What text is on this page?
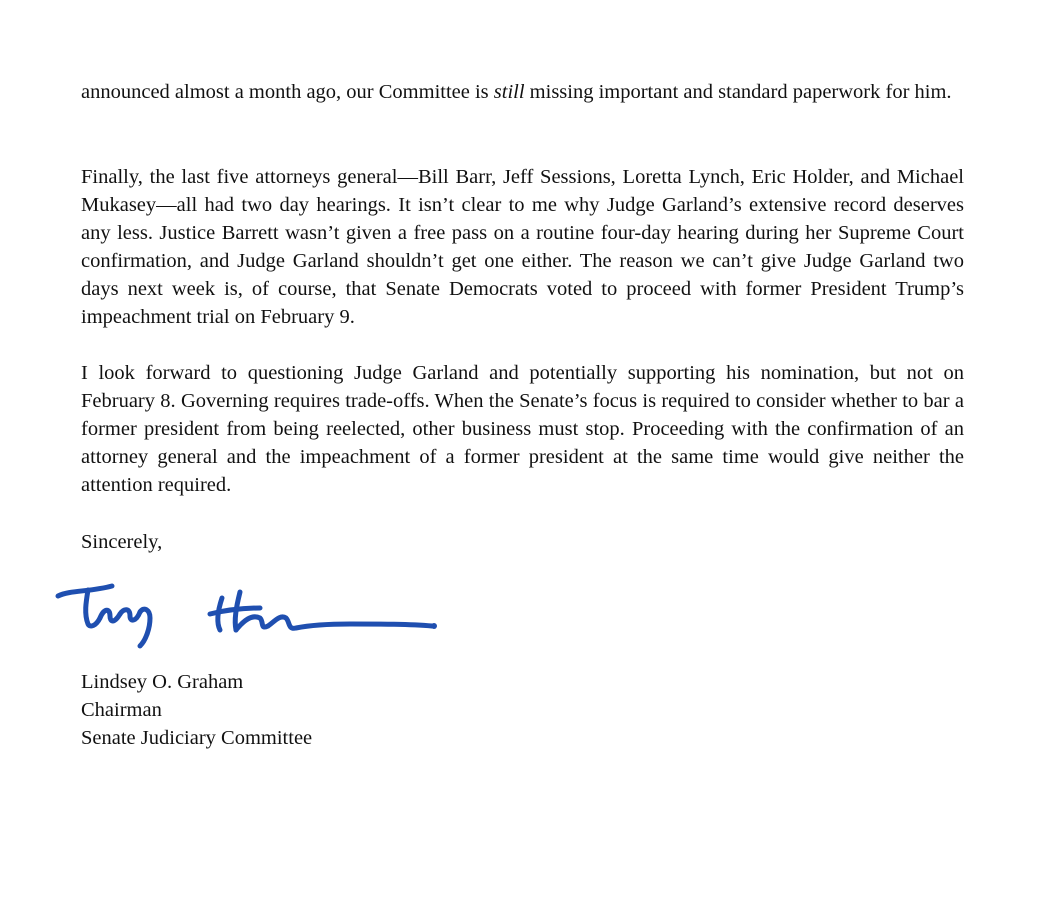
announced almost a month ago, our Committee is still missing important and standard paperwork for him.

Finally, the last five attorneys general—Bill Barr, Jeff Sessions, Loretta Lynch, Eric Holder, and Michael Mukasey—all had two day hearings. It isn’t clear to me why Judge Garland’s extensive record deserves any less. Justice Barrett wasn’t given a free pass on a routine four-day hearing during her Supreme Court confirmation, and Judge Garland shouldn’t get one either. The reason we can’t give Judge Garland two days next week is, of course, that Senate Democrats voted to proceed with former President Trump’s impeachment trial on February 9.

I look forward to questioning Judge Garland and potentially supporting his nomination, but not on February 8. Governing requires trade-offs. When the Senate’s focus is required to consider whether to bar a former president from being reelected, other business must stop. Proceeding with the confirmation of an attorney general and the impeachment of a former president at the same time would give neither the attention required.

Sincerely,

Lindsey O. Graham
Chairman
Senate Judiciary Committee
